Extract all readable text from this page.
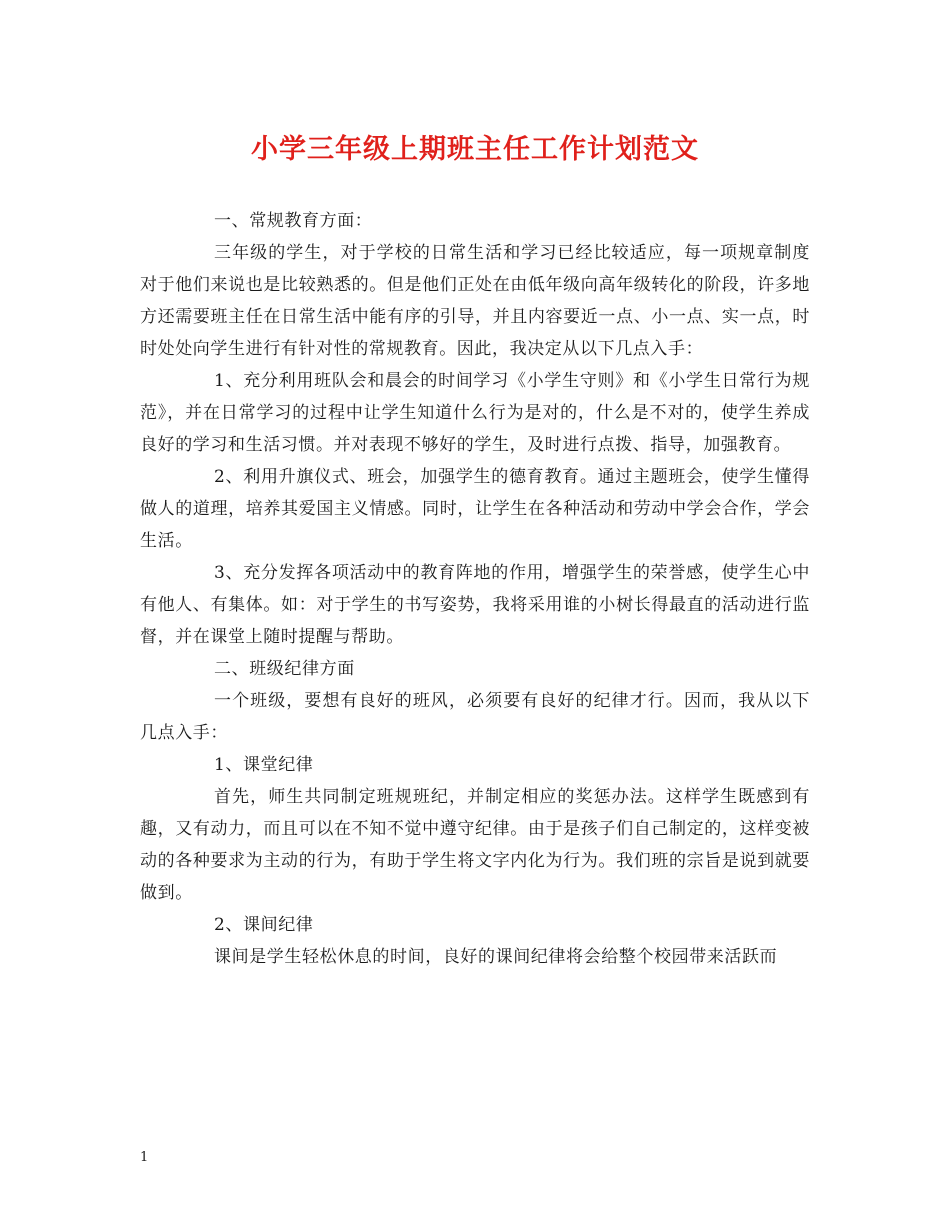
小学三年级上期班主任工作计划范文

一、常规教育方面：

三年级的学生，对于学校的日常生活和学习已经比较适应，每一项规章制度对于他们来说也是比较熟悉的。但是他们正处在由低年级向高年级转化的阶段，许多地方还需要班主任在日常生活中能有序的引导，并且内容要近一点、小一点、实一点，时时处处向学生进行有针对性的常规教育。因此，我决定从以下几点入手：

1、充分利用班队会和晨会的时间学习《小学生守则》和《小学生日常行为规范》，并在日常学习的过程中让学生知道什么行为是对的，什么是不对的，使学生养成良好的学习和生活习惯。并对表现不够好的学生，及时进行点拨、指导，加强教育。

2、利用升旗仪式、班会，加强学生的德育教育。通过主题班会，使学生懂得做人的道理，培养其爱国主义情感。同时，让学生在各种活动和劳动中学会合作，学会生活。

3、充分发挥各项活动中的教育阵地的作用，增强学生的荣誉感，使学生心中有他人、有集体。如：对于学生的书写姿势，我将采用谁的小树长得最直的活动进行监督，并在课堂上随时提醒与帮助。

二、班级纪律方面

一个班级，要想有良好的班风，必须要有良好的纪律才行。因而，我从以下几点入手：

1、课堂纪律

首先，师生共同制定班规班纪，并制定相应的奖惩办法。这样学生既感到有趣，又有动力，而且可以在不知不觉中遵守纪律。由于是孩子们自己制定的，这样变被动的各种要求为主动的行为，有助于学生将文字内化为行为。我们班的宗旨是说到就要做到。

2、课间纪律

课间是学生轻松休息的时间，良好的课间纪律将会给整个校园带来活跃而

1
